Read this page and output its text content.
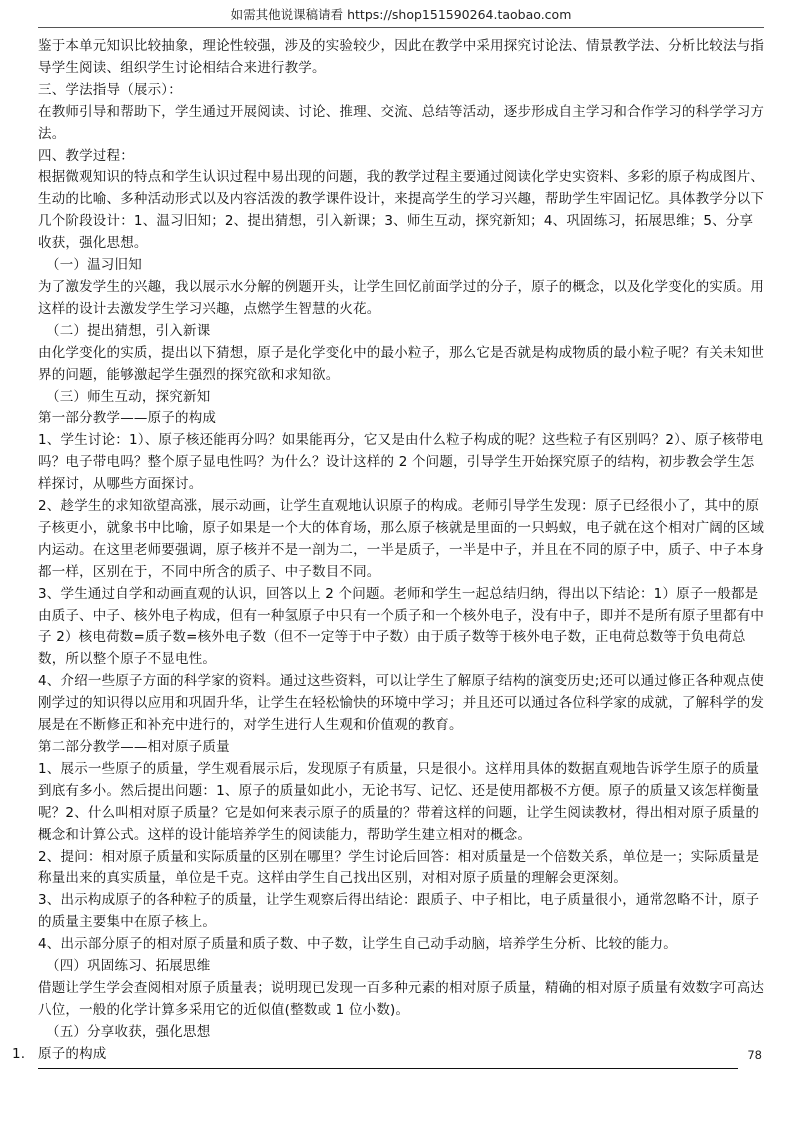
如需其他说课稿请看 https://shop151590264.taobao.com

鉴于本单元知识比较抽象，理论性较强，涉及的实验较少，因此在教学中采用探究讨论法、情景教学法、分析比较法与指导学生阅读、组织学生讨论相结合来进行教学。

三、学法指导（展示）：

在教师引导和帮助下，学生通过开展阅读、讨论、推理、交流、总结等活动，逐步形成自主学习和合作学习的科学学习方法。

四、教学过程：

根据微观知识的特点和学生认识过程中易出现的问题，我的教学过程主要通过阅读化学史实资料、多彩的原子构成图片、生动的比喻、多种活动形式以及内容活泼的教学课件设计，来提高学生的学习兴趣，帮助学生牢固记忆。具体教学分以下几个阶段设计：1、温习旧知；2、提出猜想，引入新课；3、师生互动，探究新知；4、巩固练习，拓展思维；5、分享收获，强化思想。

（一）温习旧知

为了激发学生的兴趣，我以展示水分解的例题开头，让学生回忆前面学过的分子，原子的概念，以及化学变化的实质。用这样的设计去激发学生学习兴趣，点燃学生智慧的火花。

（二）提出猜想，引入新课

由化学变化的实质，提出以下猜想，原子是化学变化中的最小粒子，那么它是否就是构成物质的最小粒子呢？有关未知世界的问题，能够激起学生强烈的探究欲和求知欲。

（三）师生互动，探究新知

第一部分教学——原子的构成

1、学生讨论：1）、原子核还能再分吗？如果能再分，它又是由什么粒子构成的呢？这些粒子有区别吗？2）、原子核带电吗？电子带电吗？整个原子显电性吗？为什么？设计这样的 2 个问题，引导学生开始探究原子的结构，初步教会学生怎样探讨，从哪些方面探讨。

2、趁学生的求知欲望高涨，展示动画，让学生直观地认识原子的构成。老师引导学生发现：原子已经很小了，其中的原子核更小，就象书中比喻，原子如果是一个大的体育场，那么原子核就是里面的一只蚂蚁，电子就在这个相对广阔的区域内运动。在这里老师要强调，原子核并不是一剖为二，一半是质子，一半是中子，并且在不同的原子中，质子、中子本身都一样，区别在于，不同中所含的质子、中子数目不同。

3、学生通过自学和动画直观的认识，回答以上 2 个问题。老师和学生一起总结归纳，得出以下结论：1）原子一般都是由质子、中子、核外电子构成，但有一种氢原子中只有一个质子和一个核外电子，没有中子，即并不是所有原子里都有中子 2）核电荷数=质子数=核外电子数（但不一定等于中子数）由于质子数等于核外电子数，正电荷总数等于负电荷总数，所以整个原子不显电性。

4、介绍一些原子方面的科学家的资料。通过这些资料，可以让学生了解原子结构的演变历史;还可以通过修正各种观点使刚学过的知识得以应用和巩固升华，让学生在轻松愉快的环境中学习；并且还可以通过各位科学家的成就，了解科学的发展是在不断修正和补充中进行的，对学生进行人生观和价值观的教育。

第二部分教学——相对原子质量

1、展示一些原子的质量，学生观看展示后，发现原子有质量，只是很小。这样用具体的数据直观地告诉学生原子的质量到底有多小。然后提出问题：1、原子的质量如此小，无论书写、记忆、还是使用都极不方便。原子的质量又该怎样衡量呢？2、什么叫相对原子质量？它是如何来表示原子的质量的？带着这样的问题，让学生阅读教材，得出相对原子质量的概念和计算公式。这样的设计能培养学生的阅读能力，帮助学生建立相对的概念。

2、提问：相对原子质量和实际质量的区别在哪里？学生讨论后回答：相对质量是一个倍数关系，单位是一；实际质量是称量出来的真实质量，单位是千克。这样由学生自己找出区别，对相对原子质量的理解会更深刻。

3、出示构成原子的各种粒子的质量，让学生观察后得出结论：跟质子、中子相比，电子质量很小，通常忽略不计，原子的质量主要集中在原子核上。

4、出示部分原子的相对原子质量和质子数、中子数，让学生自己动手动脑，培养学生分析、比较的能力。

（四）巩固练习、拓展思维

借题让学生学会查阅相对原子质量表；说明现已发现一百多种元素的相对原子质量，精确的相对原子质量有效数字可高达八位，一般的化学计算多采用它的近似值(整数或 1 位小数)。

（五）分享收获，强化思想

1. 原子的构成	78
